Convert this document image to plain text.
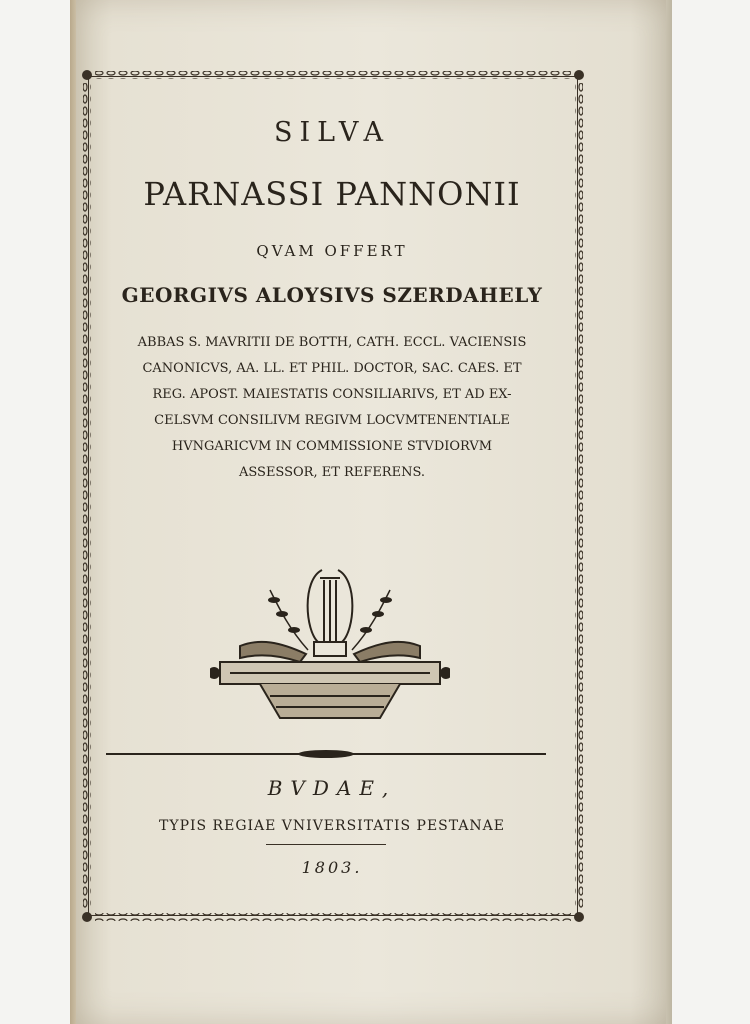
SILVA

PARNASSI PANNONII

QVAM OFFERT

GEORGIVS ALOYSIVS SZERDAHELY

ABBAS S. MAVRITII DE BOTTH, CATH. ECCL. VACIENSIS
CANONICVS, AA. LL. ET PHIL. DOCTOR, SAC. CAES. ET
REG. APOST. MAIESTATIS CONSILIARIVS, ET AD EX-
CELSVM CONSILIVM REGIVM LOCVMTENENTIALE
HVNGARICVM IN COMMISSIONE STVDIORVM
ASSESSOR, ET REFERENS.

BVDAE,

TYPIS REGIAE VNIVERSITATIS PESTANAE

1803.
